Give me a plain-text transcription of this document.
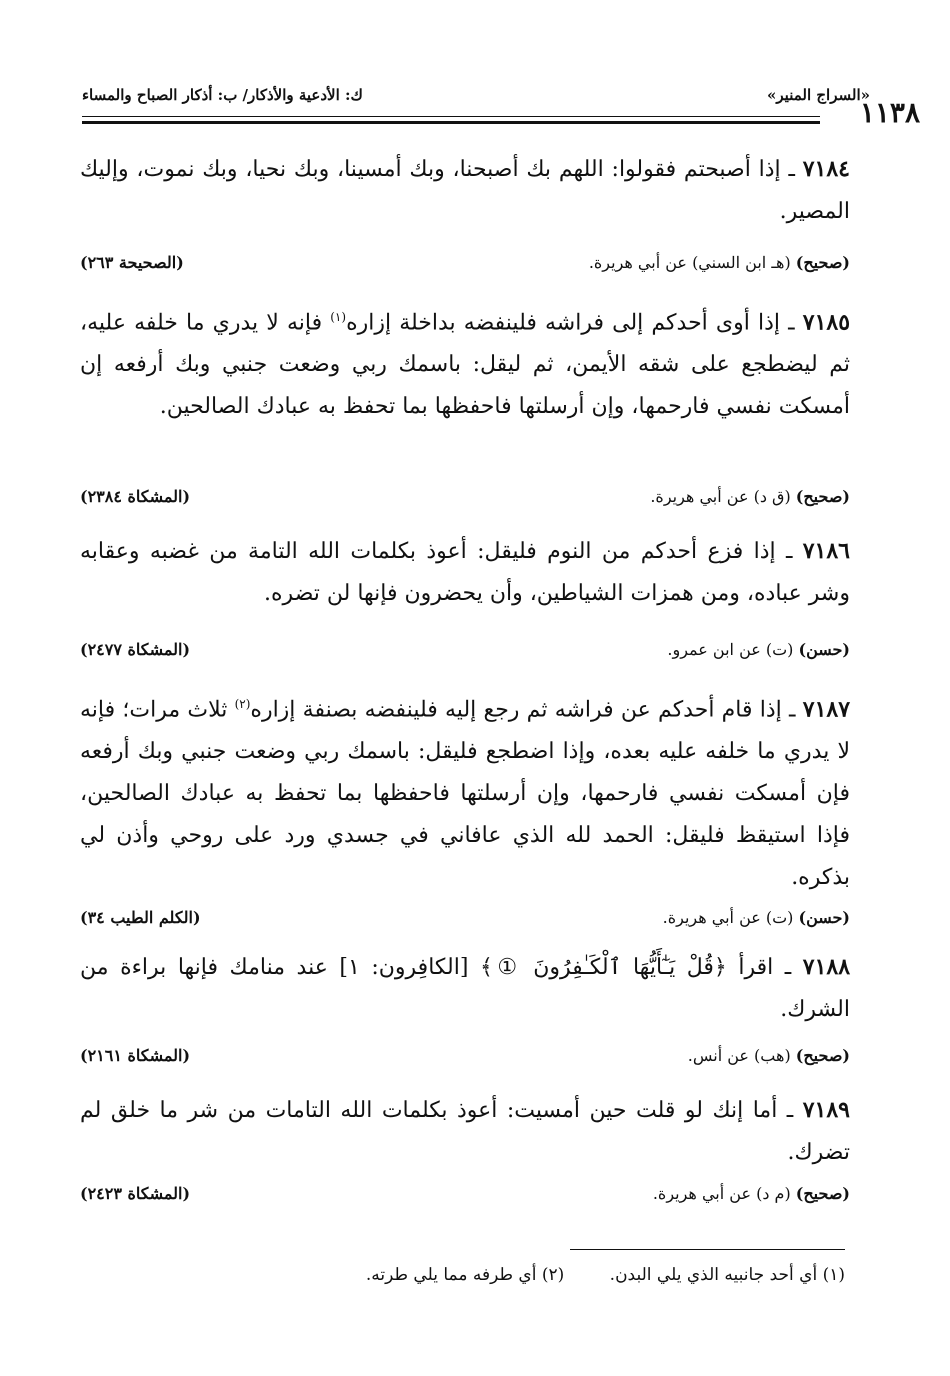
«السراج المنير»
ك: الأدعية والأذكار/ ب: أذكار الصباح والمساء
١١٣٨

٧١٨٤ ـ إذا أصبحتم فقولوا: اللهم بك أصبحنا، وبك أمسينا، وبك نحيا، وبك نموت، وإليك المصير.

(صحيح) (هـ ابن السني) عن أبي هريرة.
(الصحيحة ٢٦٣)

٧١٨٥ ـ إذا أوى أحدكم إلى فراشه فلينفضه بداخلة إزاره$^{(١)}$ فإنه لا يدري ما خلفه عليه، ثم ليضطجع على شقه الأيمن، ثم ليقل: باسمك ربي وضعت جنبي وبك أرفعه إن أمسكت نفسي فارحمها، وإن أرسلتها فاحفظها بما تحفظ به عبادك الصالحين.

(صحيح) (ق د) عن أبي هريرة.
(المشكاة ٢٣٨٤)

٧١٨٦ ـ إذا فزع أحدكم من النوم فليقل: أعوذ بكلمات الله التامة من غضبه وعقابه وشر عباده، ومن همزات الشياطين، وأن يحضرون فإنها لن تضره.

(حسن) (ت) عن ابن عمرو.
(المشكاة ٢٤٧٧)

٧١٨٧ ـ إذا قام أحدكم عن فراشه ثم رجع إليه فلينفضه بصنفة إزاره$^{(٢)}$ ثلاث مرات؛ فإنه لا يدري ما خلفه عليه بعده، وإذا اضطجع فليقل: باسمك ربي وضعت جنبي وبك أرفعه فإن أمسكت نفسي فارحمها، وإن أرسلتها فاحفظها بما تحفظ به عبادك الصالحين، فإذا استيقظ فليقل: الحمد لله الذي عافاني في جسدي ورد على روحي وأذن لي بذكره.

(حسن) (ت) عن أبي هريرة.
(الكلم الطيب ٣٤)

٧١٨٨ ـ اقرأ ﴿قُلْ يَـٰٓأَيُّهَا ٱلْكَـٰفِرُونَ ①﴾ [الكافِرون: ١] عند منامك فإنها براءة من الشرك.

(صحيح) (هب) عن أنس.
(المشكاة ٢١٦١)

٧١٨٩ ـ أما إنك لو قلت حين أمسيت: أعوذ بكلمات الله التامات من شر ما خلق لم تضرك.

(صحيح) (م د) عن أبي هريرة.
(المشكاة ٢٤٢٣)
(١) أي أحد جانبيه الذي يلي البدن. (٢) أي طرفه مما يلي طرته.
